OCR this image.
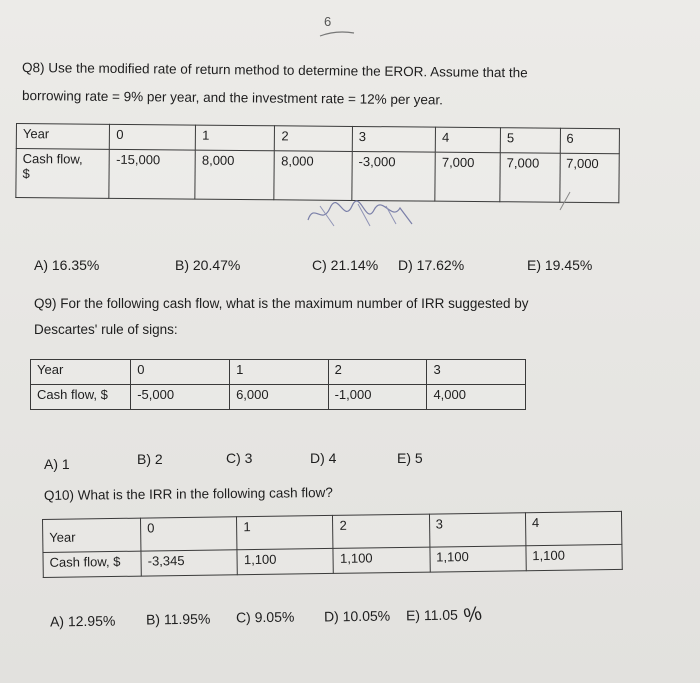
6
Q8) Use the modified rate of return method to determine the EROR. Assume that the
borrowing rate = 9% per year, and the investment rate = 12% per year.
Year	0	1	2	3	4	5	6
Cash flow,
$	-15,000	8,000	8,000	-3,000	7,000	7,000	7,000
A) 16.35%	B) 20.47%	C) 21.14% D) 17.62%	E) 19.45%
Q9) For the following cash flow, what is the maximum number of IRR suggested by
Descartes' rule of signs:
Year	0	1	2	3
Cash flow, $	-5,000	6,000	-1,000	4,000
A) 1	B) 2	C) 3	D) 4	E) 5
Q10) What is the IRR in the following cash flow?
Year	0	1	2	3	4
Cash flow, $	-3,345	1,100	1,100	1,100	1,100
A) 12.95% B) 11.95% C) 9.05% D) 10.05% E) 11.05 %
